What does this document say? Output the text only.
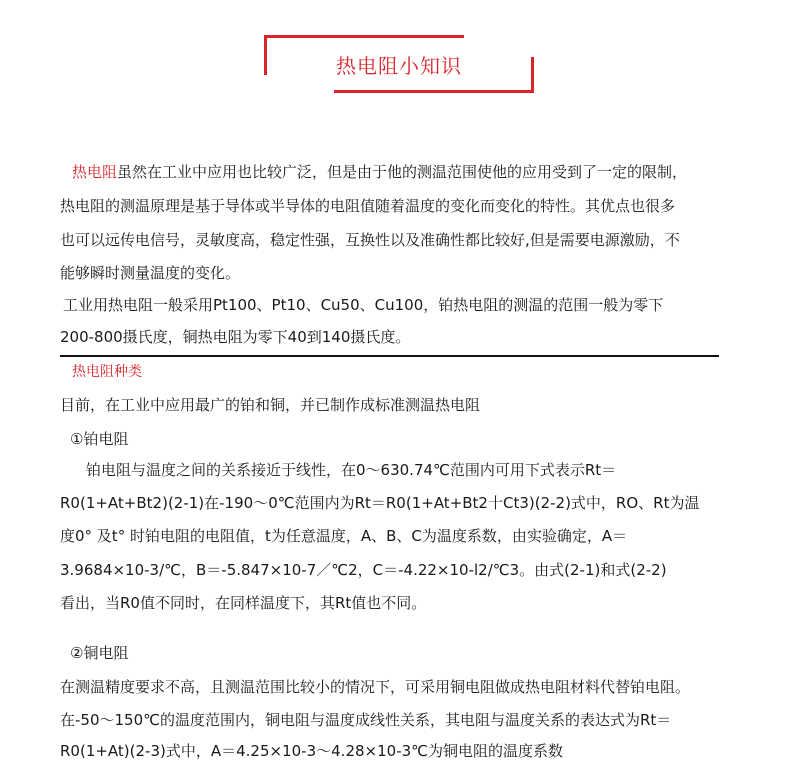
热电阻小知识
热电阻虽然在工业中应用也比较广泛，但是由于他的测温范围使他的应用受到了一定的限制，
热电阻的测温原理是基于导体或半导体的电阻值随着温度的变化而变化的特性。其优点也很多
也可以远传电信号，灵敏度高，稳定性强，互换性以及准确性都比较好,但是需要电源激励，不
能够瞬时测量温度的变化。
工业用热电阻一般采用Pt100、Pt10、Cu50、Cu100，铂热电阻的测温的范围一般为零下
200-800摄氏度，铜热电阻为零下40到140摄氏度。
热电阻种类
目前，在工业中应用最广的铂和铜，并已制作成标准测温热电阻
①铂电阻
铂电阻与温度之间的关系接近于线性，在0～630.74℃范围内可用下式表示Rt＝
R0(1+At+Bt2)(2-1)在-190～0℃范围内为Rt＝R0(1+At+Bt2十Ct3)(2-2)式中，RO、Rt为温
度0° 及t° 时铂电阻的电阻值，t为任意温度，A、B、C为温度系数，由实验确定，A＝
3.9684×10-3/℃，B＝-5.847×10-7／℃2，C＝-4.22×10-l2/℃3。由式(2-1)和式(2-2)
看出，当R0值不同时，在同样温度下，其Rt值也不同。
②铜电阻
在测温精度要求不高，且测温范围比较小的情况下，可采用铜电阻做成热电阻材料代替铂电阻。
在-50～150℃的温度范围内，铜电阻与温度成线性关系，其电阻与温度关系的表达式为Rt＝
R0(1+At)(2-3)式中，A＝4.25×10-3～4.28×10-3℃为铜电阻的温度系数
